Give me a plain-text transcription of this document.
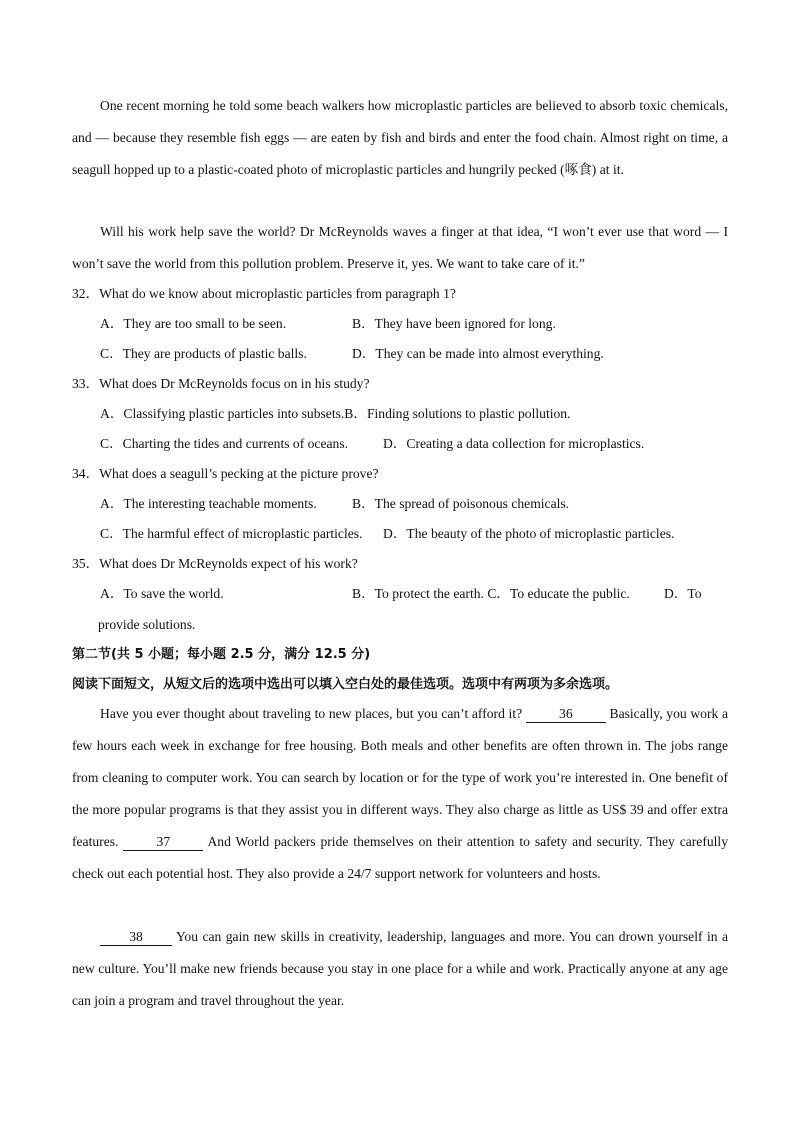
One recent morning he told some beach walkers how microplastic particles are believed to absorb toxic chemicals, and — because they resemble fish eggs — are eaten by fish and birds and enter the food chain. Almost right on time, a seagull hopped up to a plastic-coated photo of microplastic particles and hungrily pecked (啄食) at it.
Will his work help save the world? Dr McReynolds waves a finger at that idea, “I won’t ever use that word — I won’t save the world from this pollution problem. Preserve it, yes. We want to take care of it.”
32．What do we know about microplastic particles from paragraph 1?
A．They are too small to be seen.	B．They have been ignored for long.
C．They are products of plastic balls.	D．They can be made into almost everything.
33．What does Dr McReynolds focus on in his study?
A．Classifying plastic particles into subsets.B．Finding solutions to plastic pollution.
C．Charting the tides and currents of oceans.	D．Creating a data collection for microplastics.
34．What does a seagull’s pecking at the picture prove?
A．The interesting teachable moments.	B．The spread of poisonous chemicals.
C．The harmful effect of microplastic particles. D．The beauty of the photo of microplastic particles.
35．What does Dr McReynolds expect of his work?
A．To save the world.	B．To protect the earth. C．To educate the public.	D．To
provide solutions.
第二节(共 5 小题；每小题 2.5 分，满分 12.5 分)
阅读下面短文，从短文后的选项中选出可以填入空白处的最佳选项。选项中有两项为多余选项。
Have you ever thought about traveling to new places, but you can’t afford it?	36	Basically, you work a few hours each week in exchange for free housing. Both meals and other benefits are often thrown in. The jobs range from cleaning to computer work. You can search by location or for the type of work you’re interested in. One benefit of the more popular programs is that they assist you in different ways. They also charge as little as US$ 39 and offer extra features.	37	And World packers pride themselves on their attention to safety and security. They carefully check out each potential host. They also provide a 24/7 support network for volunteers and hosts.
38 You can gain new skills in creativity, leadership, languages and more. You can drown yourself in a new culture. You’ll make new friends because you stay in one place for a while and work. Practically anyone at any age can join a program and travel throughout the year.
